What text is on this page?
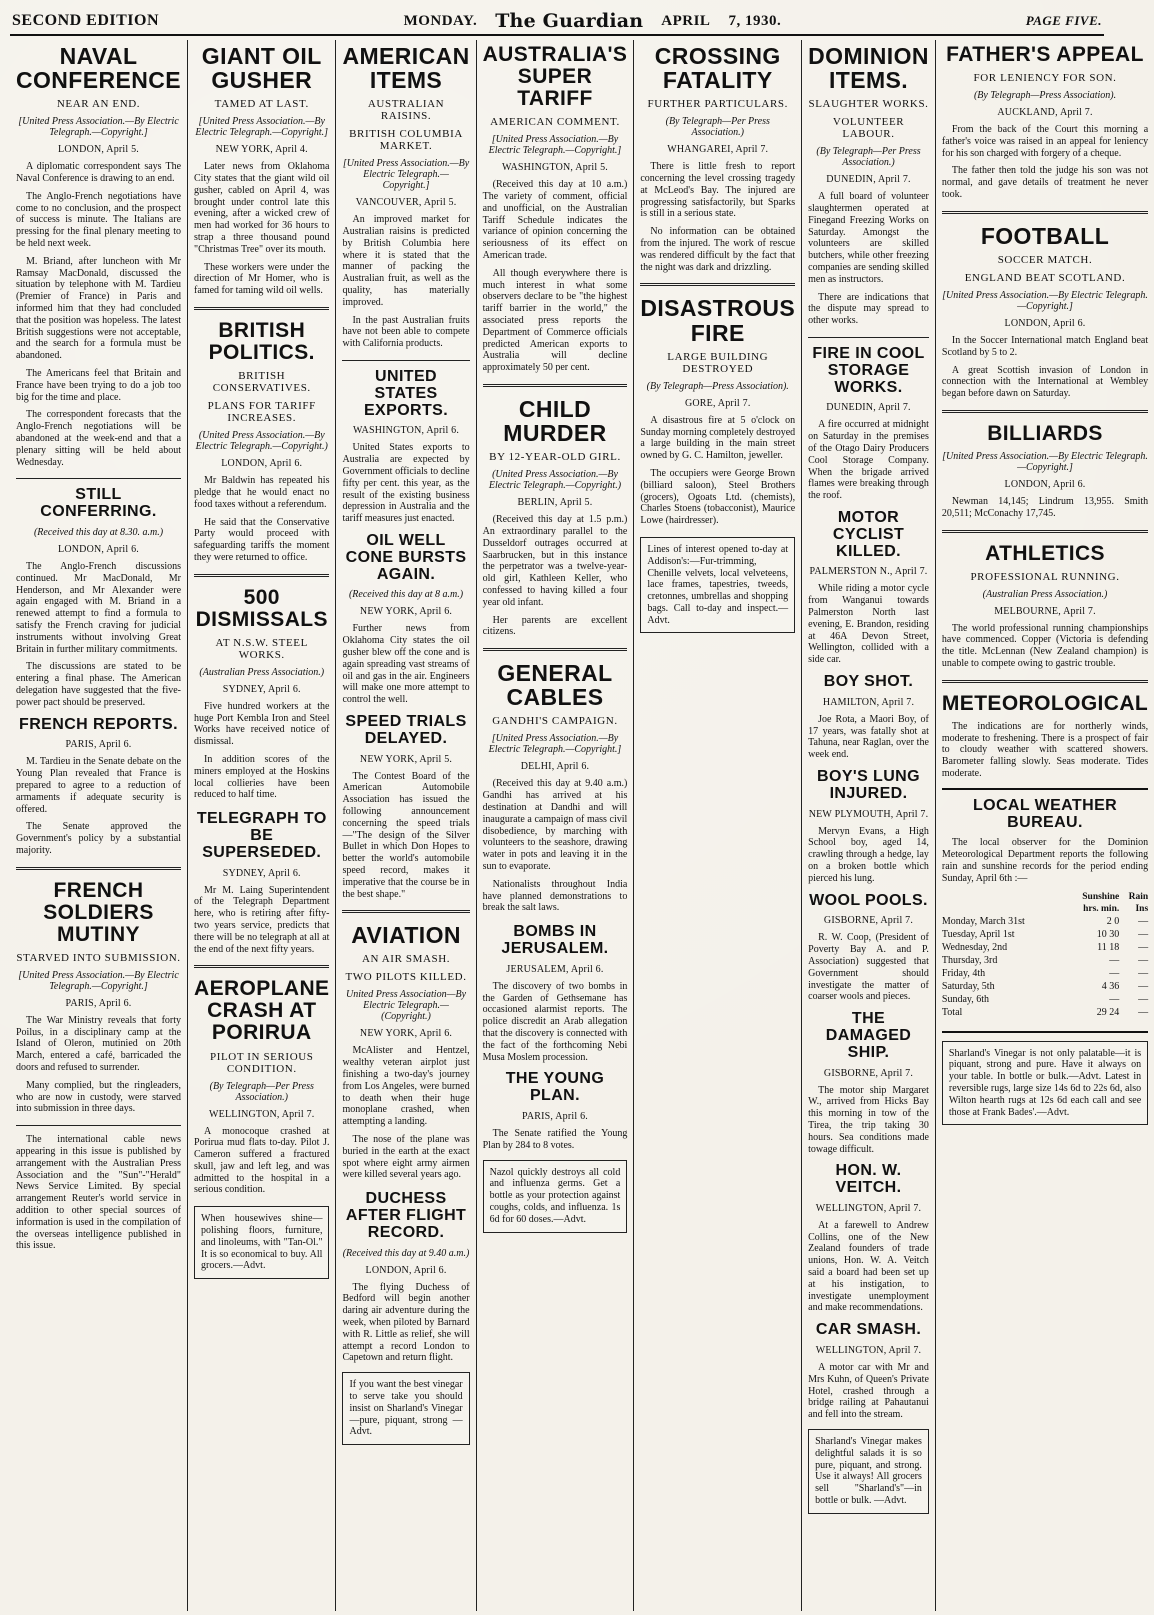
SECOND EDITION	MONDAY. The Guardian APRIL 7, 1930.	PAGE FIVE.
NAVAL CONFERENCE
NEAR AN END.
[United Press Association.—By Electric Telegraph.—Copyright.]
LONDON, April 5.

A diplomatic correspondent says The Naval Conference is drawing to an end.

The Anglo-French negotiations have come to no conclusion, and the prospect of success is minute. The Italians are pressing for the final plenary meeting to be held next week.

M. Briand, after luncheon with Mr Ramsay MacDonald, discussed the situation by telephone with M. Tardieu (Premier of France) in Paris and informed him that they had concluded that the position was hopeless. The latest British suggestions were not acceptable, and the search for a formula must be abandoned.

The Americans feel that Britain and France have been trying to do a job too big for the time and place.

The correspondent forecasts that the Anglo-French negotiations will be abandoned at the week-end and that a plenary sitting will be held about Wednesday.

STILL CONFERRING.
(Received this day at 8.30. a.m.)
LONDON, April 6.

The Anglo-French discussions continued. Mr MacDonald, Mr Henderson, and Mr Alexander were again engaged with M. Briand in a renewed attempt to find a formula to satisfy the French craving for judicial instruments without involving Great Britain in further military commitments.

The discussions are stated to be entering a final phase. The American delegation have suggested that the five-power pact should be preserved.

FRENCH REPORTS.
PARIS, April 6.

M. Tardieu in the Senate debate on the Young Plan revealed that France is prepared to agree to a reduction of armaments if adequate security is offered.

The Senate approved the Government's policy by a substantial majority.

FRENCH SOLDIERS MUTINY
STARVED INTO SUBMISSION.
[United Press Association.—By Electric Telegraph.—Copyright.]
PARIS, April 6.

The War Ministry reveals that forty Poilus, in a disciplinary camp at the Island of Oleron, mutinied on 20th March, entered a café, barricaded the doors and refused to surrender.

Many complied, but the ringleaders, who are now in custody, were starved into submission in three days.

The international cable news appearing in this issue is published by arrangement with the Australian Press Association and the "Sun"-"Herald" News Service Limited. By special arrangement Reuter's world service in addition to other special sources of information is used in the compilation of the overseas intelligence published in this issue.

GIANT OIL GUSHER
TAMED AT LAST.
[United Press Association.—By Electric Telegraph.—Copyright.]
NEW YORK, April 4.

Later news from Oklahoma City states that the giant wild oil gusher, cabled on April 4, was brought under control late this evening, after a wicked crew of men had worked for 36 hours to strap a three thousand pound "Christmas Tree" over its mouth.

These workers were under the direction of Mr Homer, who is famed for taming wild oil wells.

BRITISH POLITICS.
BRITISH CONSERVATIVES.
PLANS FOR TARIFF INCREASES.
(United Press Association.—By Electric Telegraph.—Copyright.)
LONDON, April 6.

Mr Baldwin has repeated his pledge that he would enact no food taxes without a referendum.

He said that the Conservative Party would proceed with safeguarding tariffs the moment they were returned to office.

500 DISMISSALS
AT N.S.W. STEEL WORKS.
(Australian Press Association.)
SYDNEY, April 6.

Five hundred workers at the huge Port Kembla Iron and Steel Works have received notice of dismissal.

In addition scores of the miners employed at the Hoskins local collieries have been reduced to half time.

TELEGRAPH TO BE SUPERSEDED.
SYDNEY, April 6.

Mr M. Laing Superintendent of the Telegraph Department here, who is retiring after fifty-two years service, predicts that there will be no telegraph at all at the end of the next fifty years.

AEROPLANE CRASH AT PORIRUA
PILOT IN SERIOUS CONDITION.
(By Telegraph—Per Press Association.)
WELLINGTON, April 7.

A monocoque crashed at Porirua mud flats to-day. Pilot J. Cameron suffered a fractured skull, jaw and left leg, and was admitted to the hospital in a serious condition.

When housewives shine—polishing floors, furniture, and linoleums, with "Tan-Ol." It is so economical to buy. All grocers.—Advt.
AMERICAN ITEMS
AUSTRALIAN RAISINS.
BRITISH COLUMBIA MARKET.
[United Press Association.—By Electric Telegraph.—Copyright.]
VANCOUVER, April 5.

An improved market for Australian raisins is predicted by British Columbia here where it is stated that the manner of packing the Australian fruit, as well as the quality, has materially improved.

In the past Australian fruits have not been able to compete with California products.

UNITED STATES EXPORTS.
WASHINGTON, April 6.

United States exports to Australia are expected by Government officials to decline fifty per cent. this year, as the result of the existing business depression in Australia and the tariff measures just enacted.

OIL WELL CONE BURSTS AGAIN.
(Received this day at 8 a.m.)
NEW YORK, April 6.

Further news from Oklahoma City states the oil gusher blew off the cone and is again spreading vast streams of oil and gas in the air. Engineers will make one more attempt to control the well.

SPEED TRIALS DELAYED.
NEW YORK, April 5.

The Contest Board of the American Automobile Association has issued the following announcement concerning the speed trials—"The design of the Silver Bullet in which Don Hopes to better the world's automobile speed record, makes it imperative that the course be in the best shape."

AVIATION
AN AIR SMASH.
TWO PILOTS KILLED.
United Press Association—By Electric Telegraph.—(Copyright.)
NEW YORK, April 6.

McAlister and Hentzel, wealthy veteran airplot just finishing a two-day's journey from Los Angeles, were burned to death when their huge monoplane crashed, when attempting a landing.

The nose of the plane was buried in the earth at the exact spot where eight army airmen were killed several years ago.

DUCHESS AFTER FLIGHT RECORD.
(Received this day at 9.40 a.m.)
LONDON, April 6.

The flying Duchess of Bedford will begin another daring air adventure during the week, when piloted by Barnard with R. Little as relief, she will attempt a record London to Capetown and return flight.

If you want the best vinegar to serve take you should insist on Sharland's Vinegar—pure, piquant, strong —Advt.
AUSTRALIA'S SUPER TARIFF
AMERICAN COMMENT.
[United Press Association.—By Electric Telegraph.—Copyright.]
WASHINGTON, April 5.

(Received this day at 10 a.m.) The variety of comment, official and unofficial, on the Australian Tariff Schedule indicates the variance of opinion concerning the seriousness of its effect on American trade.

All though everywhere there is much interest in what some observers declare to be "the highest tariff barrier in the world," the associated press reports the Department of Commerce officials predicted American exports to Australia will decline approximately 50 per cent.

CHILD MURDER
BY 12-YEAR-OLD GIRL.
(United Press Association.—By Electric Telegraph.—Copyright.)
BERLIN, April 5.

(Received this day at 1.5 p.m.) An extraordinary parallel to the Dusseldorf outrages occurred at Saarbrucken, but in this instance the perpetrator was a twelve-year-old girl, Kathleen Keller, who confessed to having killed a four year old infant.

Her parents are excellent citizens.

GENERAL CABLES
GANDHI'S CAMPAIGN.
[United Press Association.—By Electric Telegraph.—Copyright.]
DELHI, April 6.

(Received this day at 9.40 a.m.) Gandhi has arrived at his destination at Dandhi and will inaugurate a campaign of mass civil disobedience, by marching with volunteers to the seashore, drawing water in pots and leaving it in the sun to evaporate.

Nationalists throughout India have planned demonstrations to break the salt laws.

BOMBS IN JERUSALEM.
JERUSALEM, April 6.

The discovery of two bombs in the Garden of Gethsemane has occasioned alarmist reports. The police discredit an Arab allegation that the discovery is connected with the fact of the forthcoming Nebi Musa Moslem procession.

THE YOUNG PLAN.
PARIS, April 6.

The Senate ratified the Young Plan by 284 to 8 votes.

Nazol quickly destroys all cold and influenza germs. Get a bottle as your protection against coughs, colds, and influenza. 1s 6d for 60 doses.—Advt.
CROSSING FATALITY
FURTHER PARTICULARS.
(By Telegraph—Per Press Association.)
WHANGAREI, April 7.

There is little fresh to report concerning the level crossing tragedy at McLeod's Bay. The injured are progressing satisfactorily, but Sparks is still in a serious state.

No information can be obtained from the injured. The work of rescue was rendered difficult by the fact that the night was dark and drizzling.

DISASTROUS FIRE
LARGE BUILDING DESTROYED
(By Telegraph—Press Association).
GORE, April 7.

A disastrous fire at 5 o'clock on Sunday morning completely destroyed a large building in the main street owned by G. C. Hamilton, jeweller.

The occupiers were George Brown (billiard saloon), Steel Brothers (grocers), Ogoats Ltd. (chemists), Charles Stoens (tobacconist), Maurice Lowe (hairdresser).

Lines of interest opened to-day at Addison's:—Fur-trimming, Chenille velvets, local velveteens, lace frames, tapestries, tweeds, cretonnes, umbrellas and shopping bags. Call to-day and inspect.—Advt.
DOMINION ITEMS.
SLAUGHTER WORKS.
VOLUNTEER LABOUR.
(By Telegraph—Per Press Association.)
DUNEDIN, April 7.

A full board of volunteer slaughtermen operated at Finegand Freezing Works on Saturday. Amongst the volunteers are skilled butchers, while other freezing companies are sending skilled men as instructors.

There are indications that the dispute may spread to other works.

FIRE IN COOL STORAGE WORKS.
DUNEDIN, April 7.

A fire occurred at midnight on Saturday in the premises of the Otago Dairy Producers Cool Storage Company. When the brigade arrived flames were breaking through the roof.

MOTOR CYCLIST KILLED.
PALMERSTON N., April 7.

While riding a motor cycle from Wanganui towards Palmerston North last evening, E. Brandon, residing at 46A Devon Street, Wellington, collided with a side car.

BOY SHOT.
HAMILTON, April 7.

Joe Rota, a Maori Boy, of 17 years, was fatally shot at Tahuna, near Raglan, over the week end.

BOY'S LUNG INJURED.
NEW PLYMOUTH, April 7.

Mervyn Evans, a High School boy, aged 14, crawling through a hedge, lay on a broken bottle which pierced his lung.

WOOL POOLS.
GISBORNE, April 7.

R. W. Coop, (President of Poverty Bay A. and P. Association) suggested that Government should investigate the matter of coarser wools and pieces.

THE DAMAGED SHIP.
GISBORNE, April 7.

The motor ship Margaret W., arrived from Hicks Bay this morning in tow of the Tirea, the trip taking 30 hours. Sea conditions made towage difficult.

HON. W. VEITCH.
WELLINGTON, April 7.

At a farewell to Andrew Collins, one of the New Zealand founders of trade unions, Hon. W. A. Veitch said a board had been set up at his instigation, to investigate unemployment and make recommendations.

CAR SMASH.
WELLINGTON, April 7.

A motor car with Mr and Mrs Kuhn, of Queen's Private Hotel, crashed through a bridge railing at Pahautanui and fell into the stream.

Sharland's Vinegar makes delightful salads it is so pure, piquant, and strong. Use it always! All grocers sell "Sharland's"—in bottle or bulk. —Advt.
FATHER'S APPEAL
FOR LENIENCY FOR SON.
(By Telegraph—Press Association).
AUCKLAND, April 7.

From the back of the Court this morning a father's voice was raised in an appeal for leniency for his son charged with forgery of a cheque.

The father then told the judge his son was not normal, and gave details of treatment he never took.

FOOTBALL
SOCCER MATCH.
ENGLAND BEAT SCOTLAND.
[United Press Association.—By Electric Telegraph.—Copyright.]
LONDON, April 6.

In the Soccer International match England beat Scotland by 5 to 2.

A great Scottish invasion of London in connection with the International at Wembley began before dawn on Saturday.

BILLIARDS
[United Press Association.—By Electric Telegraph.—Copyright.]
LONDON, April 6.

Newman 14,145; Lindrum 13,955. Smith 20,511; McConachy 17,745.

ATHLETICS
PROFESSIONAL RUNNING.
(Australian Press Association.)
MELBOURNE, April 7.

The world professional running championships have commenced. Copper (Victoria is defending the title. McLennan (New Zealand champion) is unable to compete owing to gastric trouble.

METEOROLOGICAL

The indications are for northerly winds, moderate to freshening. There is a prospect of fair to cloudy weather with scattered showers. Barometer falling slowly. Seas moderate. Tides moderate.

LOCAL WEATHER BUREAU.

The local observer for the Dominion Meteorological Department reports the following rain and sunshine records for the period ending Sunday, April 6th :—

	Sunshine	Rain
	hrs. min.	Ins
Monday, March 31st	2 0	—
Tuesday, April 1st	10 30	—
Wednesday, 2nd	11 18	—
Thursday, 3rd	—	—
Friday, 4th	—	—
Saturday, 5th	4 36	—
Sunday, 6th	—	—
Total	29 24	—
Sharland's Vinegar is not only palatable—it is piquant, strong and pure. Have it always on your table. In bottle or bulk.—Advt. Latest in reversible rugs, large size 14s 6d to 22s 6d, also Wilton hearth rugs at 12s 6d each call and see those at Frank Bades'.—Advt.
